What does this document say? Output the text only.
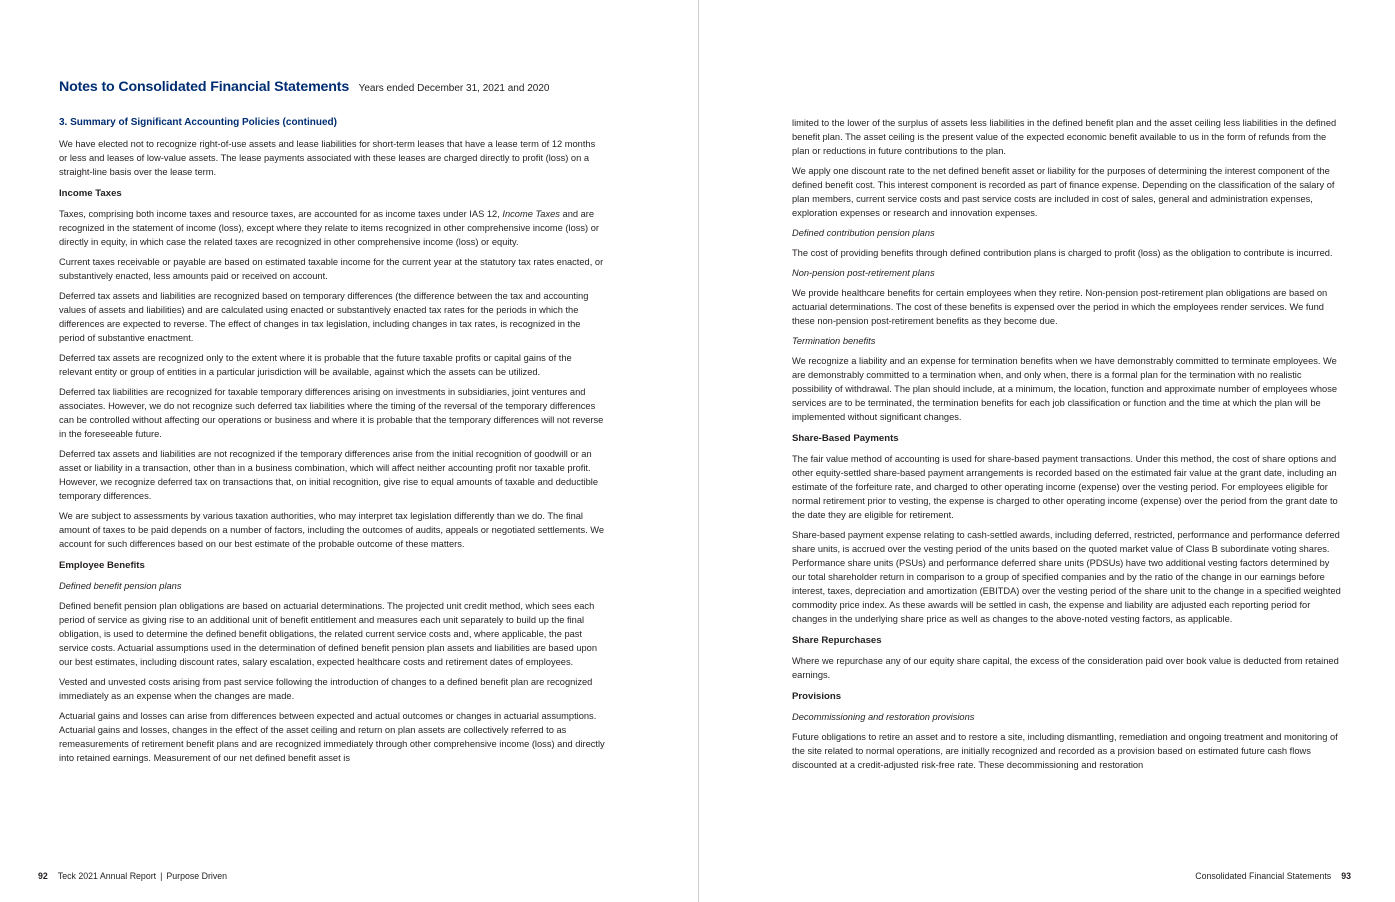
Notes to Consolidated Financial Statements Years ended December 31, 2021 and 2020
3. Summary of Significant Accounting Policies (continued)

We have elected not to recognize right-of-use assets and lease liabilities for short-term leases that have a lease term of 12 months or less and leases of low-value assets. The lease payments associated with these leases are charged directly to profit (loss) on a straight-line basis over the lease term.

Income Taxes

Taxes, comprising both income taxes and resource taxes, are accounted for as income taxes under IAS 12, Income Taxes and are recognized in the statement of income (loss), except where they relate to items recognized in other comprehensive income (loss) or directly in equity, in which case the related taxes are recognized in other comprehensive income (loss) or equity.

Current taxes receivable or payable are based on estimated taxable income for the current year at the statutory tax rates enacted, or substantively enacted, less amounts paid or received on account.

Deferred tax assets and liabilities are recognized based on temporary differences (the difference between the tax and accounting values of assets and liabilities) and are calculated using enacted or substantively enacted tax rates for the periods in which the differences are expected to reverse. The effect of changes in tax legislation, including changes in tax rates, is recognized in the period of substantive enactment.

Deferred tax assets are recognized only to the extent where it is probable that the future taxable profits or capital gains of the relevant entity or group of entities in a particular jurisdiction will be available, against which the assets can be utilized.

Deferred tax liabilities are recognized for taxable temporary differences arising on investments in subsidiaries, joint ventures and associates. However, we do not recognize such deferred tax liabilities where the timing of the reversal of the temporary differences can be controlled without affecting our operations or business and where it is probable that the temporary differences will not reverse in the foreseeable future.

Deferred tax assets and liabilities are not recognized if the temporary differences arise from the initial recognition of goodwill or an asset or liability in a transaction, other than in a business combination, which will affect neither accounting profit nor taxable profit. However, we recognize deferred tax on transactions that, on initial recognition, give rise to equal amounts of taxable and deductible temporary differences.

We are subject to assessments by various taxation authorities, who may interpret tax legislation differently than we do. The final amount of taxes to be paid depends on a number of factors, including the outcomes of audits, appeals or negotiated settlements. We account for such differences based on our best estimate of the probable outcome of these matters.

Employee Benefits
Defined benefit pension plans

Defined benefit pension plan obligations are based on actuarial determinations. The projected unit credit method, which sees each period of service as giving rise to an additional unit of benefit entitlement and measures each unit separately to build up the final obligation, is used to determine the defined benefit obligations, the related current service costs and, where applicable, the past service costs. Actuarial assumptions used in the determination of defined benefit pension plan assets and liabilities are based upon our best estimates, including discount rates, salary escalation, expected healthcare costs and retirement dates of employees.

Vested and unvested costs arising from past service following the introduction of changes to a defined benefit plan are recognized immediately as an expense when the changes are made.

Actuarial gains and losses can arise from differences between expected and actual outcomes or changes in actuarial assumptions. Actuarial gains and losses, changes in the effect of the asset ceiling and return on plan assets are collectively referred to as remeasurements of retirement benefit plans and are recognized immediately through other comprehensive income (loss) and directly into retained earnings. Measurement of our net defined benefit asset is

92 Teck 2021 Annual Report | Purpose Driven

limited to the lower of the surplus of assets less liabilities in the defined benefit plan and the asset ceiling less liabilities in the defined benefit plan. The asset ceiling is the present value of the expected economic benefit available to us in the form of refunds from the plan or reductions in future contributions to the plan.

We apply one discount rate to the net defined benefit asset or liability for the purposes of determining the interest component of the defined benefit cost. This interest component is recorded as part of finance expense. Depending on the classification of the salary of plan members, current service costs and past service costs are included in cost of sales, general and administration expenses, exploration expenses or research and innovation expenses.

Defined contribution pension plans

The cost of providing benefits through defined contribution plans is charged to profit (loss) as the obligation to contribute is incurred.

Non-pension post-retirement plans

We provide healthcare benefits for certain employees when they retire. Non-pension post-retirement plan obligations are based on actuarial determinations. The cost of these benefits is expensed over the period in which the employees render services. We fund these non-pension post-retirement benefits as they become due.

Termination benefits

We recognize a liability and an expense for termination benefits when we have demonstrably committed to terminate employees. We are demonstrably committed to a termination when, and only when, there is a formal plan for the termination with no realistic possibility of withdrawal. The plan should include, at a minimum, the location, function and approximate number of employees whose services are to be terminated, the termination benefits for each job classification or function and the time at which the plan will be implemented without significant changes.

Share-Based Payments

The fair value method of accounting is used for share-based payment transactions. Under this method, the cost of share options and other equity-settled share-based payment arrangements is recorded based on the estimated fair value at the grant date, including an estimate of the forfeiture rate, and charged to other operating income (expense) over the vesting period. For employees eligible for normal retirement prior to vesting, the expense is charged to other operating income (expense) over the period from the grant date to the date they are eligible for retirement.

Share-based payment expense relating to cash-settled awards, including deferred, restricted, performance and performance deferred share units, is accrued over the vesting period of the units based on the quoted market value of Class B subordinate voting shares. Performance share units (PSUs) and performance deferred share units (PDSUs) have two additional vesting factors determined by our total shareholder return in comparison to a group of specified companies and by the ratio of the change in our earnings before interest, taxes, depreciation and amortization (EBITDA) over the vesting period of the share unit to the change in a specified weighted commodity price index. As these awards will be settled in cash, the expense and liability are adjusted each reporting period for changes in the underlying share price as well as changes to the above-noted vesting factors, as applicable.

Share Repurchases

Where we repurchase any of our equity share capital, the excess of the consideration paid over book value is deducted from retained earnings.

Provisions
Decommissioning and restoration provisions

Future obligations to retire an asset and to restore a site, including dismantling, remediation and ongoing treatment and monitoring of the site related to normal operations, are initially recognized and recorded as a provision based on estimated future cash flows discounted at a credit-adjusted risk-free rate. These decommissioning and restoration

Consolidated Financial Statements 93
